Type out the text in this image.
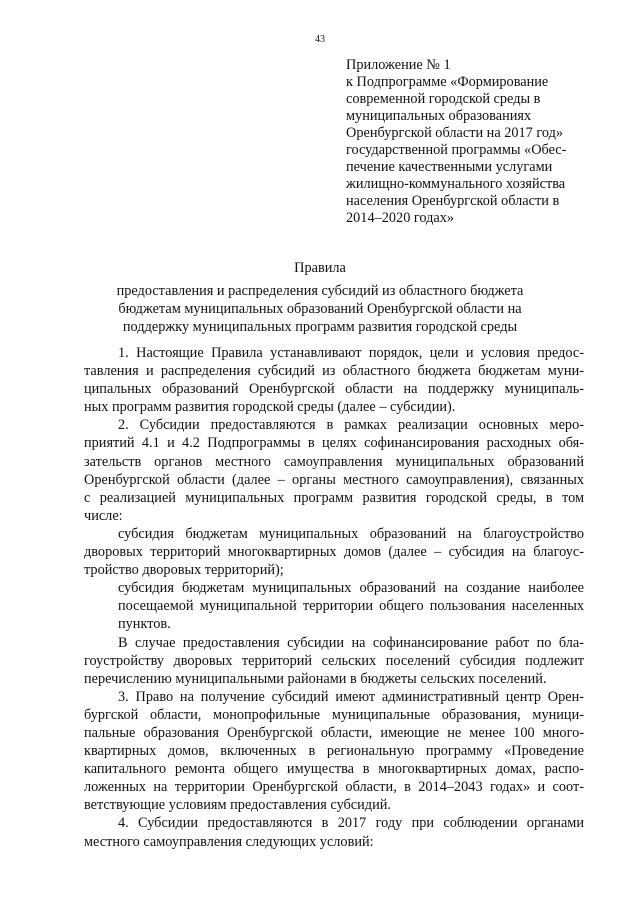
43
Приложение № 1
к Подпрограмме «Формирование
современной городской среды в
муниципальных образованиях
Оренбургской области на 2017 год»
государственной программы «Обес-
печение качественными услугами
жилищно-коммунального хозяйства
населения Оренбургской области в
2014–2020 годах»
Правила
предоставления и распределения субсидий из областного бюджета
бюджетам муниципальных образований Оренбургской области на
поддержку муниципальных программ развития городской среды
1. Настоящие Правила устанавливают порядок, цели и условия предос-
тавления и распределения субсидий из областного бюджета бюджетам муни-
ципальных образований Оренбургской области на поддержку муниципаль-
ных программ развития городской среды (далее – субсидии).
2. Субсидии предоставляются в рамках реализации основных меро-
приятий 4.1 и 4.2 Подпрограммы в целях софинансирования расходных обя-
зательств органов местного самоуправления муниципальных образований
Оренбургской области (далее – органы местного самоуправления), связанных
с реализацией муниципальных программ развития городской среды, в том
числе:
субсидия бюджетам муниципальных образований на благоустройство
дворовых территорий многоквартирных домов (далее – субсидия на благоус-
тройство дворовых территорий);
субсидия бюджетам муниципальных образований на создание наиболее
посещаемой муниципальной территории общего пользования населенных
пунктов.
В случае предоставления субсидии на софинансирование работ по бла-
гоустройству дворовых территорий сельских поселений субсидия подлежит
перечислению муниципальными районами в бюджеты сельских поселений.
3. Право на получение субсидий имеют административный центр Орен-
бургской области, монопрофильные муниципальные образования, муници-
пальные образования Оренбургской области, имеющие не менее 100 много-
квартирных домов, включенных в региональную программу «Проведение
капитального ремонта общего имущества в многоквартирных домах, распо-
ложенных на территории Оренбургской области, в 2014–2043 годах» и соот-
ветствующие условиям предоставления субсидий.
4. Субсидии предоставляются в 2017 году при соблюдении органами
местного самоуправления следующих условий:
